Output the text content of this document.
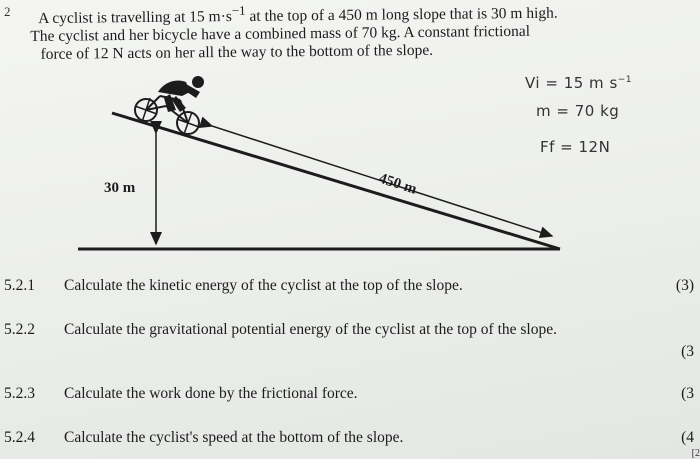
2	A cyclist is travelling at 15 $m\cdot s^{-1}$ at the top of a 450 m long slope that is 30 m high.
The cyclist and her bicycle have a combined mass of 70 kg. A constant frictional
force of 12 N acts on her all the way to the bottom of the slope.
30 m	450 m
Vi = 15 m $s^{-1}$
m = 70 kg
Ff = 12N
5.2.1 Calculate the kinetic energy of the cyclist at the top of the slope.	(3)
5.2.2 Calculate the gravitational potential energy of the cyclist at the top of the slope.
(3
5.2.3 Calculate the work done by the frictional force.	(3
5.2.4 Calculate the cyclist's speed at the bottom of the slope.	(4
[2
